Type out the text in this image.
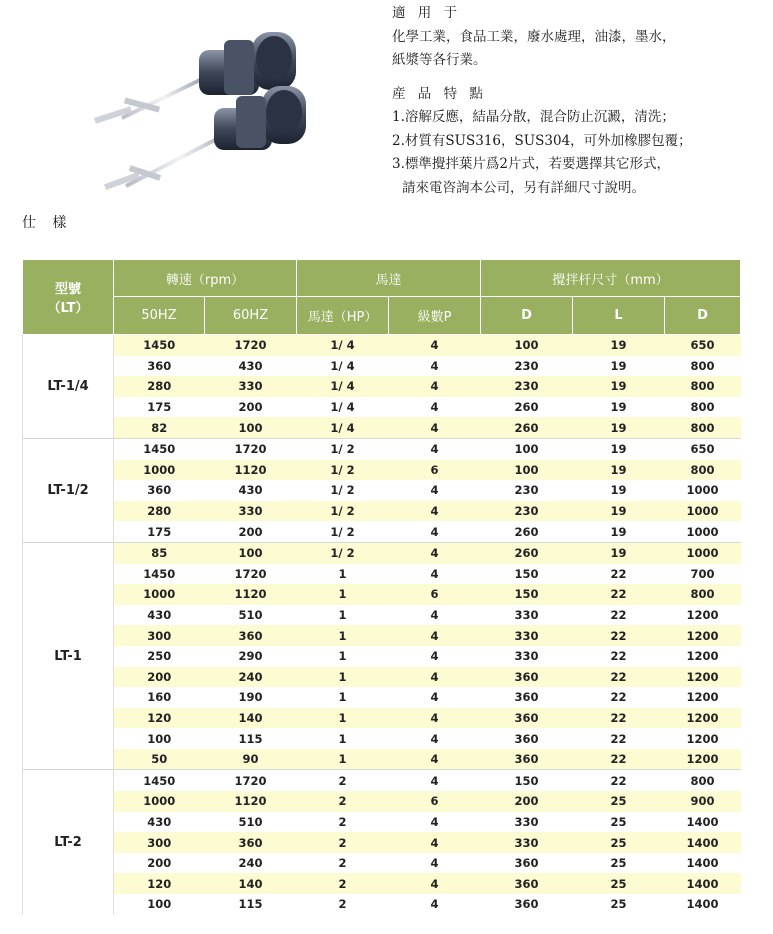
適 用 于
化學工業，食品工業，廢水處理，油漆，墨水，
紙漿等各行業。
産 品 特 點
1.溶解反應，結晶分散，混合防止沉澱，清洗；
2.材質有SUS316，SUS304，可外加橡膠包覆；
3.標準攪拌葉片爲2片式，若要選擇其它形式，
請來電咨詢本公司，另有詳細尺寸說明。
仕 樣
型號
（LT）	轉速（rpm）		馬達		攪拌杆尺寸（mm）		
	50HZ	60HZ	馬達（HP）	級數P	D	L	D
LT-1/4	1450	1720	1/ 4	4	100	19	650
	360	430	1/ 4	4	230	19	800
	280	330	1/ 4	4	230	19	800
	175	200	1/ 4	4	260	19	800
	82	100	1/ 4	4	260	19	800
LT-1/2	1450	1720	1/ 2	4	100	19	650
	1000	1120	1/ 2	6	100	19	800
	360	430	1/ 2	4	230	19	1000
	280	330	1/ 2	4	230	19	1000
	175	200	1/ 2	4	260	19	1000
LT-1	85	100	1/ 2	4	260	19	1000
	1450	1720	1	4	150	22	700
	1000	1120	1	6	150	22	800
	430	510	1	4	330	22	1200
	300	360	1	4	330	22	1200
	250	290	1	4	330	22	1200
	200	240	1	4	360	22	1200
	160	190	1	4	360	22	1200
	120	140	1	4	360	22	1200
	100	115	1	4	360	22	1200
	50	90	1	4	360	22	1200
LT-2	1450	1720	2	4	150	22	800
	1000	1120	2	6	200	25	900
	430	510	2	4	330	25	1400
	300	360	2	4	330	25	1400
	200	240	2	4	360	25	1400
	120	140	2	4	360	25	1400
	100	115	2	4	360	25	1400
